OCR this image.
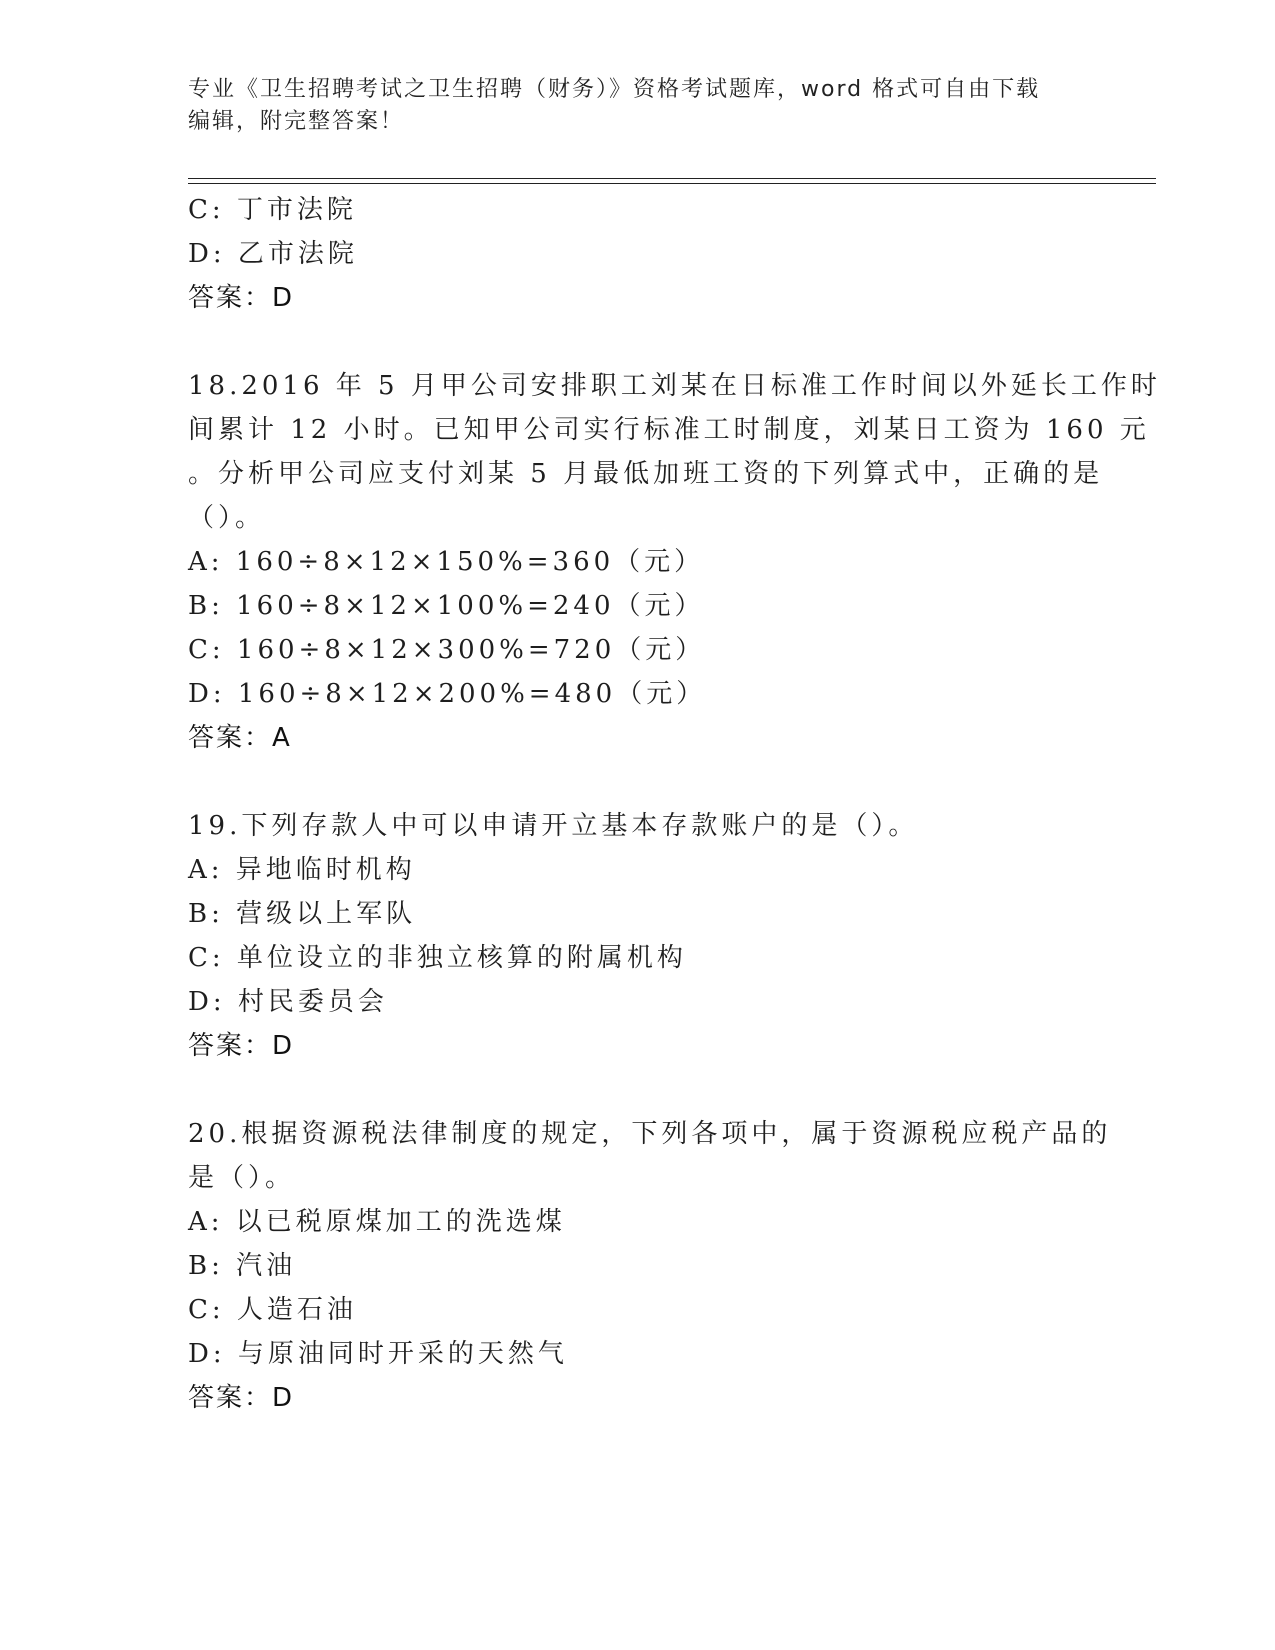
专业《卫生招聘考试之卫生招聘（财务）》资格考试题库，word 格式可自由下载
编辑，附完整答案！
C: 丁市法院
D: 乙市法院
答案：D
18.2016 年 5 月甲公司安排职工刘某在日标准工作时间以外延长工作时
间累计 12 小时。已知甲公司实行标准工时制度，刘某日工资为 160 元
。分析甲公司应支付刘某 5 月最低加班工资的下列算式中，正确的是
（）。
A: 160÷8×12×150%=360（元）
B: 160÷8×12×100%=240（元）
C: 160÷8×12×300%=720（元）
D: 160÷8×12×200%=480（元）
答案：A
19.下列存款人中可以申请开立基本存款账户的是（）。
A: 异地临时机构
B: 营级以上军队
C: 单位设立的非独立核算的附属机构
D: 村民委员会
答案：D
20.根据资源税法律制度的规定，下列各项中，属于资源税应税产品的
是（）。
A: 以已税原煤加工的洗选煤
B: 汽油
C: 人造石油
D: 与原油同时开采的天然气
答案：D
